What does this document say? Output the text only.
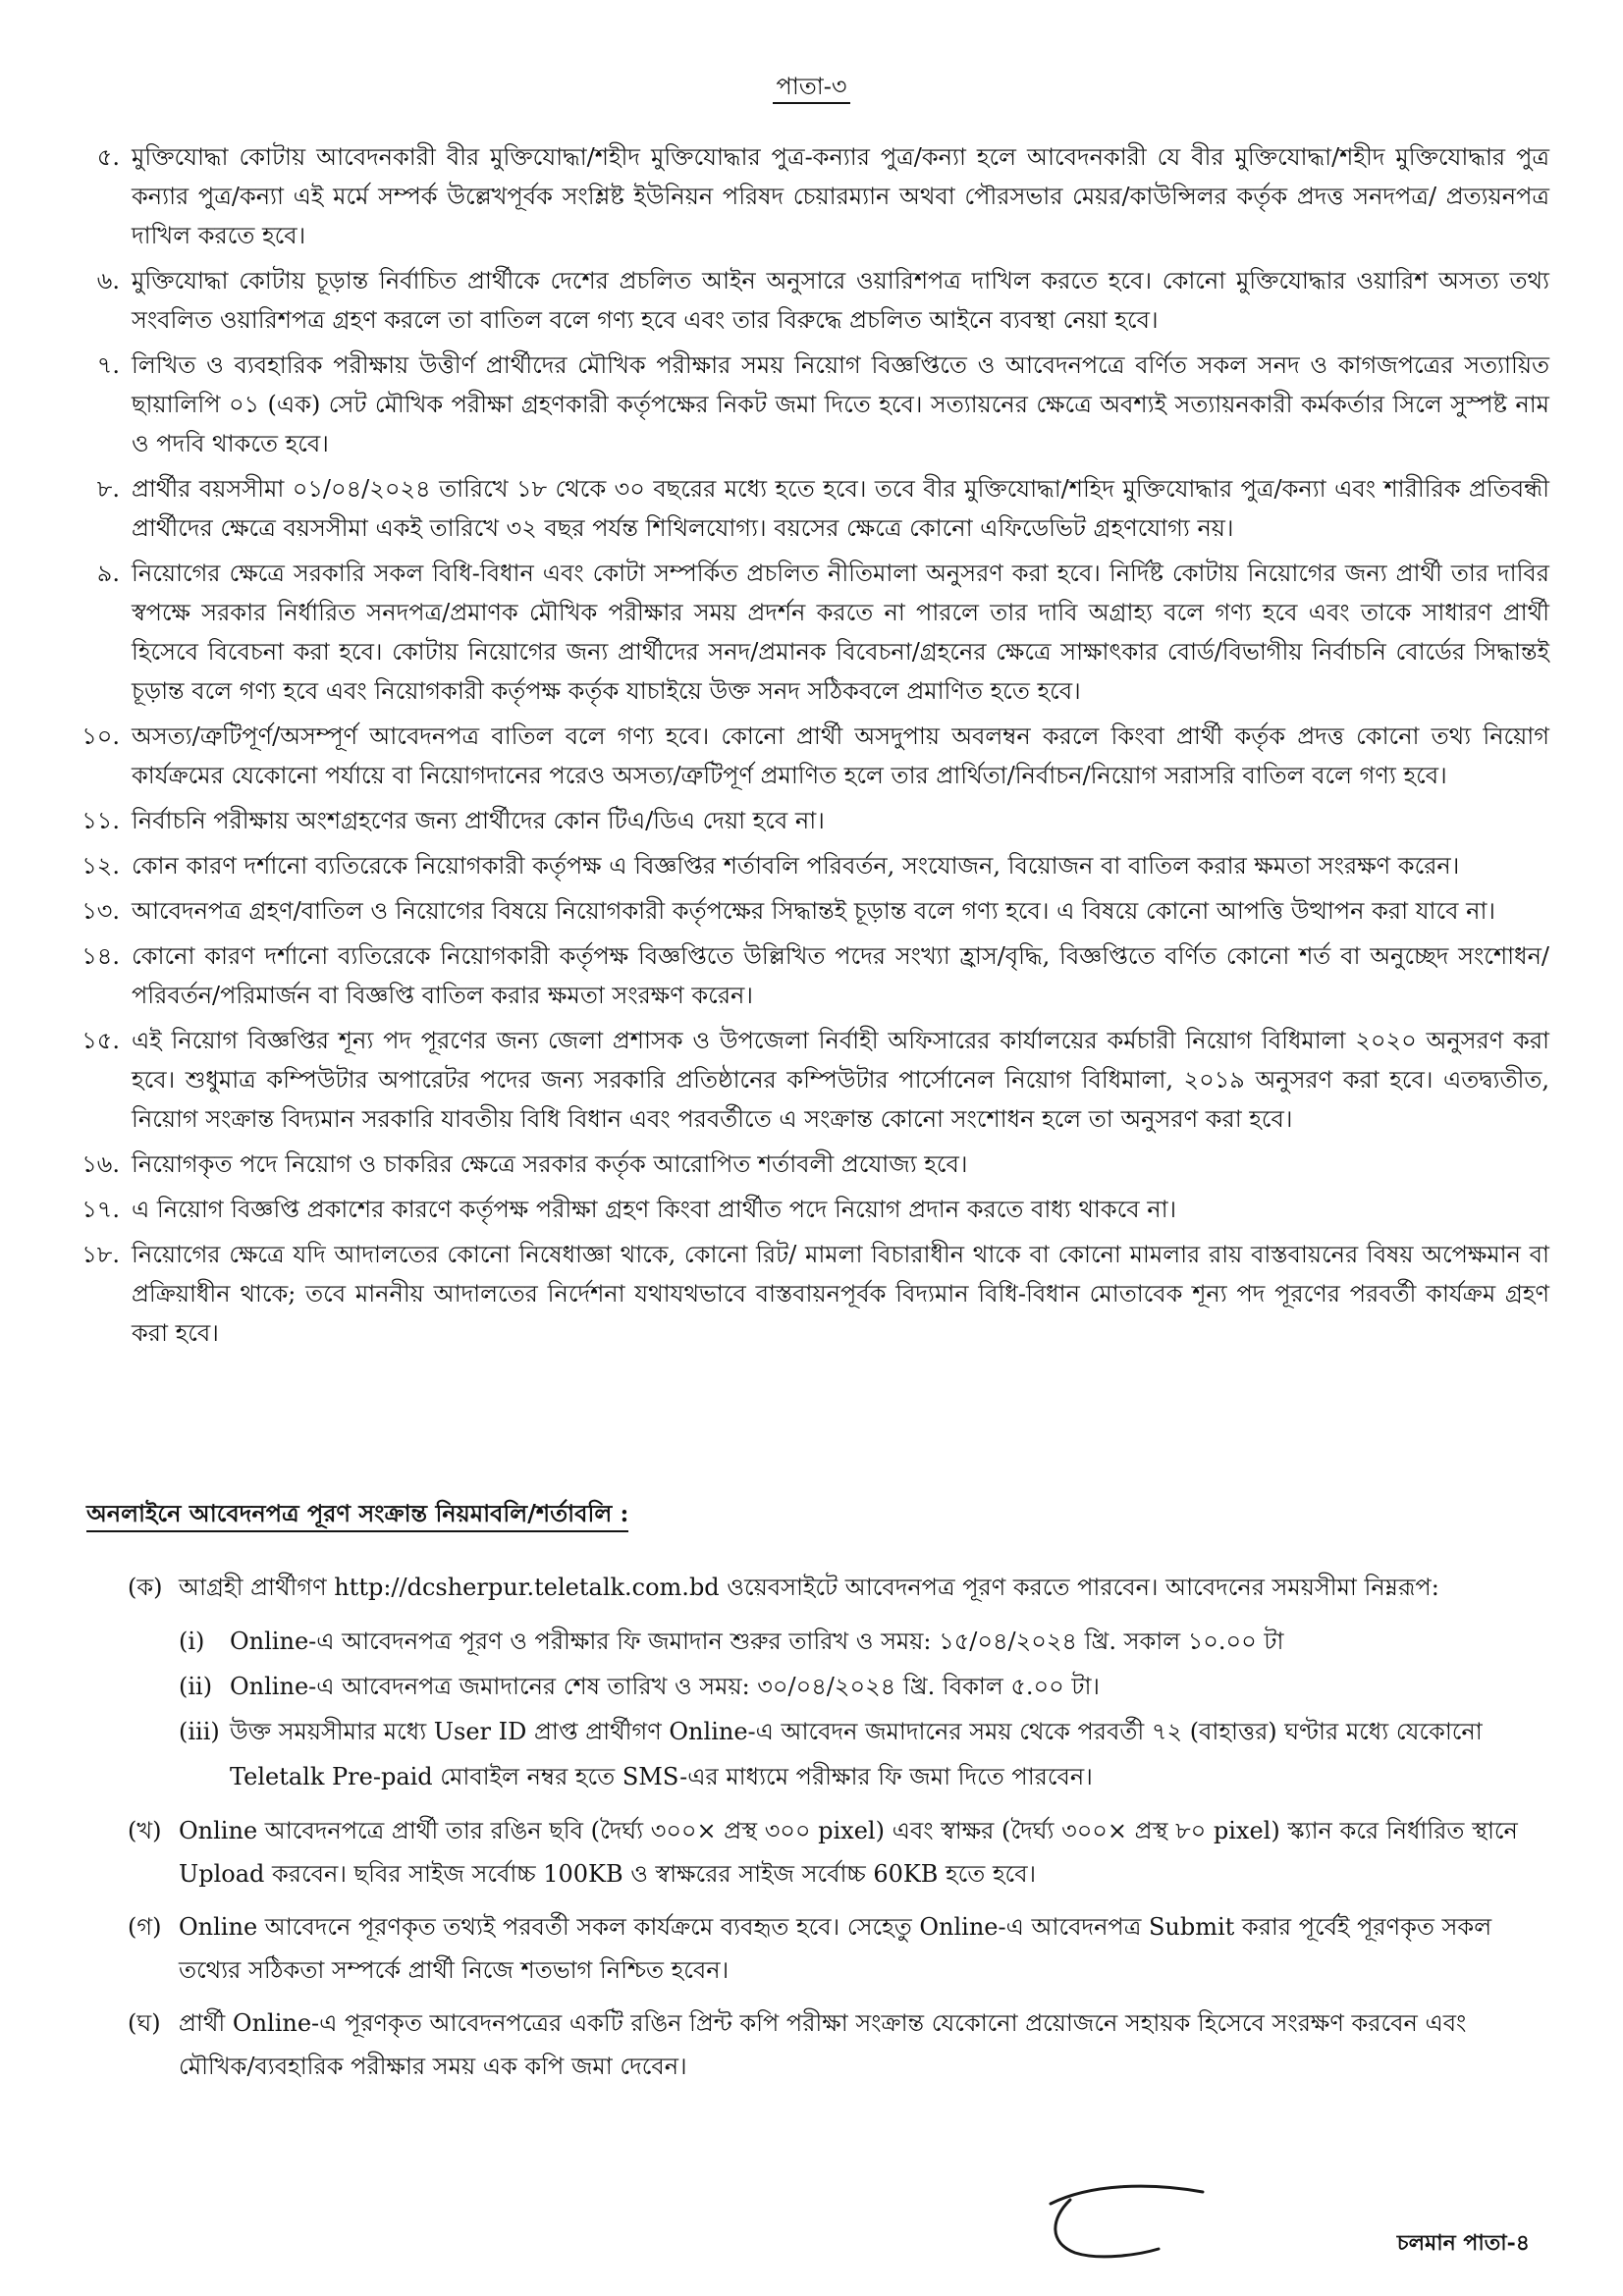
পাতা-৩
৫. মুক্তিযোদ্ধা কোটায় আবেদনকারী বীর মুক্তিযোদ্ধা/শহীদ মুক্তিযোদ্ধার পুত্র-কন্যার পুত্র/কন্যা হলে আবেদনকারী যে বীর মুক্তিযোদ্ধা/শহীদ মুক্তিযোদ্ধার পুত্র কন্যার পুত্র/কন্যা এই মর্মে সম্পর্ক উল্লেখপূর্বক সংশ্লিষ্ট ইউনিয়ন পরিষদ চেয়ারম্যান অথবা পৌরসভার মেয়র/কাউন্সিলর কর্তৃক প্রদত্ত সনদপত্র/ প্রত্যয়নপত্র দাখিল করতে হবে।
৬. মুক্তিযোদ্ধা কোটায় চূড়ান্ত নির্বাচিত প্রার্থীকে দেশের প্রচলিত আইন অনুসারে ওয়ারিশপত্র দাখিল করতে হবে। কোনো মুক্তিযোদ্ধার ওয়ারিশ অসত্য তথ্য সংবলিত ওয়ারিশপত্র গ্রহণ করলে তা বাতিল বলে গণ্য হবে এবং তার বিরুদ্ধে প্রচলিত আইনে ব্যবস্থা নেয়া হবে।
৭. লিখিত ও ব্যবহারিক পরীক্ষায় উত্তীর্ণ প্রার্থীদের মৌখিক পরীক্ষার সময় নিয়োগ বিজ্ঞপ্তিতে ও আবেদনপত্রে বর্ণিত সকল সনদ ও কাগজপত্রের সত্যায়িত ছায়ালিপি ০১ (এক) সেট মৌখিক পরীক্ষা গ্রহণকারী কর্তৃপক্ষের নিকট জমা দিতে হবে। সত্যায়নের ক্ষেত্রে অবশ্যই সত্যায়নকারী কর্মকর্তার সিলে সুস্পষ্ট নাম ও পদবি থাকতে হবে।
৮. প্রার্থীর বয়সসীমা ০১/০৪/২০২৪ তারিখে ১৮ থেকে ৩০ বছরের মধ্যে হতে হবে। তবে বীর মুক্তিযোদ্ধা/শহিদ মুক্তিযোদ্ধার পুত্র/কন্যা এবং শারীরিক প্রতিবন্ধী প্রার্থীদের ক্ষেত্রে বয়সসীমা একই তারিখে ৩২ বছর পর্যন্ত শিথিলযোগ্য। বয়সের ক্ষেত্রে কোনো এফিডেভিট গ্রহণযোগ্য নয়।
৯. নিয়োগের ক্ষেত্রে সরকারি সকল বিধি-বিধান এবং কোটা সম্পর্কিত প্রচলিত নীতিমালা অনুসরণ করা হবে। নির্দিষ্ট কোটায় নিয়োগের জন্য প্রার্থী তার দাবির স্বপক্ষে সরকার নির্ধারিত সনদপত্র/প্রমাণক মৌখিক পরীক্ষার সময় প্রদর্শন করতে না পারলে তার দাবি অগ্রাহ্য বলে গণ্য হবে এবং তাকে সাধারণ প্রার্থী হিসেবে বিবেচনা করা হবে। কোটায় নিয়োগের জন্য প্রার্থীদের সনদ/প্রমানক বিবেচনা/গ্রহনের ক্ষেত্রে সাক্ষাৎকার বোর্ড/বিভাগীয় নির্বাচনি বোর্ডের সিদ্ধান্তই চূড়ান্ত বলে গণ্য হবে এবং নিয়োগকারী কর্তৃপক্ষ কর্তৃক যাচাইয়ে উক্ত সনদ সঠিকবলে প্রমাণিত হতে হবে।
১০. অসত্য/ত্রুটিপূর্ণ/অসম্পূর্ণ আবেদনপত্র বাতিল বলে গণ্য হবে। কোনো প্রার্থী অসদুপায় অবলম্বন করলে কিংবা প্রার্থী কর্তৃক প্রদত্ত কোনো তথ্য নিয়োগ কার্যক্রমের যেকোনো পর্যায়ে বা নিয়োগদানের পরেও অসত্য/ত্রুটিপূর্ণ প্রমাণিত হলে তার প্রার্থিতা/নির্বাচন/নিয়োগ সরাসরি বাতিল বলে গণ্য হবে।
১১. নির্বাচনি পরীক্ষায় অংশগ্রহণের জন্য প্রার্থীদের কোন টিএ/ডিএ দেয়া হবে না।
১২. কোন কারণ দর্শানো ব্যতিরেকে নিয়োগকারী কর্তৃপক্ষ এ বিজ্ঞপ্তির শর্তাবলি পরিবর্তন, সংযোজন, বিয়োজন বা বাতিল করার ক্ষমতা সংরক্ষণ করেন।
১৩. আবেদনপত্র গ্রহণ/বাতিল ও নিয়োগের বিষয়ে নিয়োগকারী কর্তৃপক্ষের সিদ্ধান্তই চূড়ান্ত বলে গণ্য হবে। এ বিষয়ে কোনো আপত্তি উত্থাপন করা যাবে না।
১৪. কোনো কারণ দর্শানো ব্যতিরেকে নিয়োগকারী কর্তৃপক্ষ বিজ্ঞপ্তিতে উল্লিখিত পদের সংখ্যা হ্রাস/বৃদ্ধি, বিজ্ঞপ্তিতে বর্ণিত কোনো শর্ত বা অনুচ্ছেদ সংশোধন/ পরিবর্তন/পরিমার্জন বা বিজ্ঞপ্তি বাতিল করার ক্ষমতা সংরক্ষণ করেন।
১৫. এই নিয়োগ বিজ্ঞপ্তির শূন্য পদ পূরণের জন্য জেলা প্রশাসক ও উপজেলা নির্বাহী অফিসারের কার্যালয়ের কর্মচারী নিয়োগ বিধিমালা ২০২০ অনুসরণ করা হবে। শুধুমাত্র কম্পিউটার অপারেটর পদের জন্য সরকারি প্রতিষ্ঠানের কম্পিউটার পার্সোনেল নিয়োগ বিধিমালা, ২০১৯ অনুসরণ করা হবে। এতদ্ব্যতীত, নিয়োগ সংক্রান্ত বিদ্যমান সরকারি যাবতীয় বিধি বিধান এবং পরবর্তীতে এ সংক্রান্ত কোনো সংশোধন হলে তা অনুসরণ করা হবে।
১৬. নিয়োগকৃত পদে নিয়োগ ও চাকরির ক্ষেত্রে সরকার কর্তৃক আরোপিত শর্তাবলী প্রযোজ্য হবে।
১৭. এ নিয়োগ বিজ্ঞপ্তি প্রকাশের কারণে কর্তৃপক্ষ পরীক্ষা গ্রহণ কিংবা প্রার্থীত পদে নিয়োগ প্রদান করতে বাধ্য থাকবে না।
১৮. নিয়োগের ক্ষেত্রে যদি আদালতের কোনো নিষেধাজ্ঞা থাকে, কোনো রিট/ মামলা বিচারাধীন থাকে বা কোনো মামলার রায় বাস্তবায়নের বিষয় অপেক্ষমান বা প্রক্রিয়াধীন থাকে; তবে মাননীয় আদালতের নির্দেশনা যথাযথভাবে বাস্তবায়নপূর্বক বিদ্যমান বিধি-বিধান মোতাবেক শূন্য পদ পূরণের পরবর্তী কার্যক্রম গ্রহণ করা হবে।
অনলাইনে আবেদনপত্র পূরণ সংক্রান্ত নিয়মাবলি/শর্তাবলি :
(ক) আগ্রহী প্রার্থীগণ http://dcsherpur.teletalk.com.bd ওয়েবসাইটে আবেদনপত্র পূরণ করতে পারবেন। আবেদনের সময়সীমা নিম্নরূপ:
(i)	Online-এ আবেদনপত্র পূরণ ও পরীক্ষার ফি জমাদান শুরুর তারিখ ও সময়: ১৫/০৪/২০২৪ খ্রি. সকাল ১০.০০ টা
(ii) Online-এ আবেদনপত্র জমাদানের শেষ তারিখ ও সময়: ৩০/০৪/২০২৪ খ্রি. বিকাল ৫.০০ টা।
(iii) উক্ত সময়সীমার মধ্যে User ID প্রাপ্ত প্রার্থীগণ Online-এ আবেদন জমাদানের সময় থেকে পরবর্তী ৭২ (বাহাত্তর) ঘণ্টার মধ্যে যেকোনো Teletalk Pre-paid মোবাইল নম্বর হতে SMS-এর মাধ্যমে পরীক্ষার ফি জমা দিতে পারবেন।
(খ) Online আবেদনপত্রে প্রার্থী তার রঙিন ছবি (দৈর্ঘ্য ৩০০× প্রস্থ ৩০০ pixel) এবং স্বাক্ষর (দৈর্ঘ্য ৩০০× প্রস্থ ৮০ pixel) স্ক্যান করে নির্ধারিত স্থানে Upload করবেন। ছবির সাইজ সর্বোচ্চ 100KB ও স্বাক্ষরের সাইজ সর্বোচ্চ 60KB হতে হবে।
(গ) Online আবেদনে পূরণকৃত তথ্যই পরবর্তী সকল কার্যক্রমে ব্যবহৃত হবে। সেহেতু Online-এ আবেদনপত্র Submit করার পূর্বেই পূরণকৃত সকল তথ্যের সঠিকতা সম্পর্কে প্রার্থী নিজে শতভাগ নিশ্চিত হবেন।
(ঘ) প্রার্থী Online-এ পূরণকৃত আবেদনপত্রের একটি রঙিন প্রিন্ট কপি পরীক্ষা সংক্রান্ত যেকোনো প্রয়োজনে সহায়ক হিসেবে সংরক্ষণ করবেন এবং মৌখিক/ব্যবহারিক পরীক্ষার সময় এক কপি জমা দেবেন।
চলমান পাতা-৪
